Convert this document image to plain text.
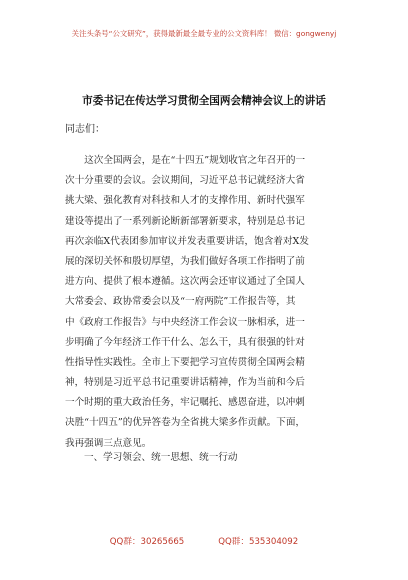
关注头条号“公文研究”，获得最新最全最专业的公文资料库！ 微信：gongwenyj
市委书记在传达学习贯彻全国两会精神会议上的讲话
同志们：
　　这次全国两会，是在“十四五”规划收官之年召开的一
次十分重要的会议。会议期间，习近平总书记就经济大省
挑大梁、强化教育对科技和人才的支撑作用、新时代强军
建设等提出了一系列新论断新部署新要求，特别是总书记
再次亲临X代表团参加审议并发表重要讲话，饱含着对X发
展的深切关怀和殷切厚望，为我们做好各项工作指明了前
进方向、提供了根本遵循。这次两会还审议通过了全国人
大常委会、政协常委会以及“一府两院”工作报告等，其
中《政府工作报告》与中央经济工作会议一脉相承，进一
步明确了今年经济工作干什么、怎么干，具有很强的针对
性指导性实践性。全市上下要把学习宣传贯彻全国两会精
神，特别是习近平总书记重要讲话精神，作为当前和今后
一个时期的重大政治任务，牢记嘱托、感恩奋进，以冲刺
决胜“十四五”的优异答卷为全省挑大梁多作贡献。下面，
我再强调三点意见。
一、学习领会、统一思想、统一行动
QQ群：30265665	QQ群：535304092
